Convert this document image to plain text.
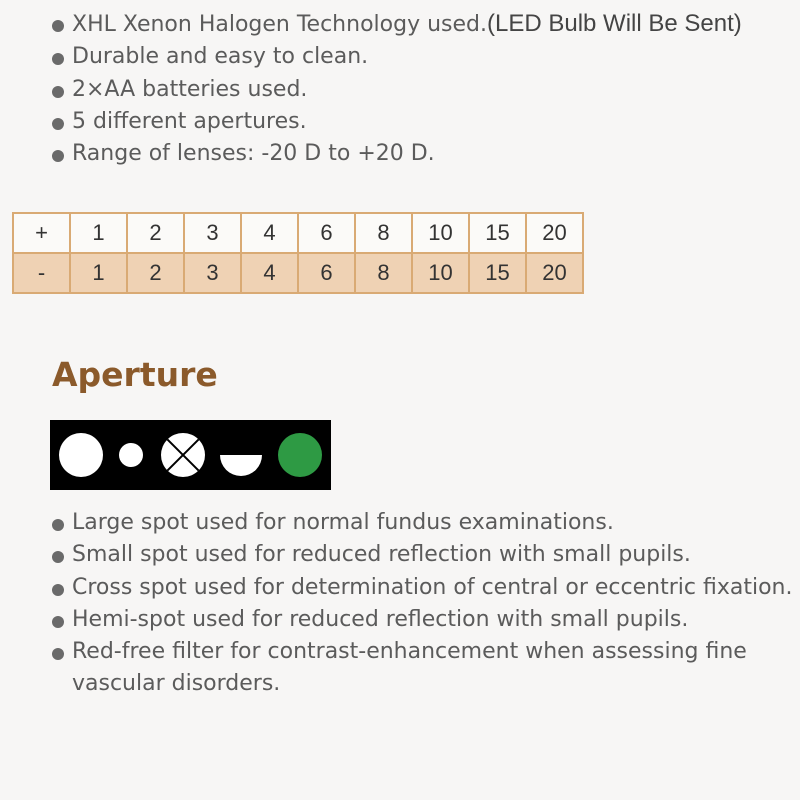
XHL Xenon Halogen Technology used.(LED Bulb Will Be Sent)
Durable and easy to clean.
2×AA batteries used.
5 different apertures.
Range of lenses: -20 D to +20 D.
+	1	2	3	4	6	8	10	15	20
-	1	2	3	4	6	8	10	15	20
Aperture
Large spot used for normal fundus examinations.
Small spot used for reduced reflection with small pupils.
Cross spot used for determination of central or eccentric fixation.
Hemi-spot used for reduced reflection with small pupils.
Red-free filter for contrast-enhancement when assessing fine vascular disorders.
